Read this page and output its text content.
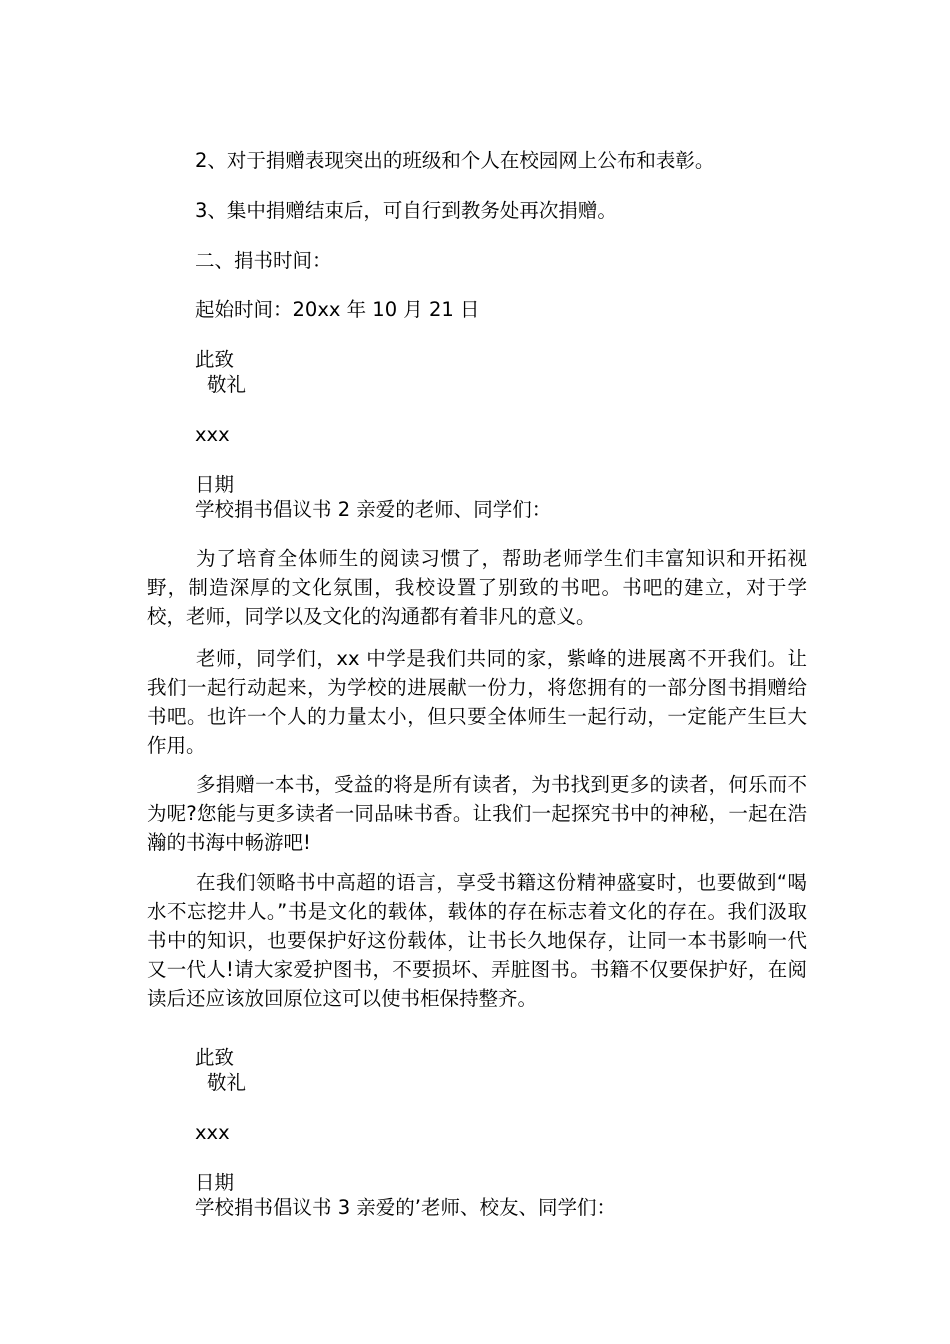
2、对于捐赠表现突出的班级和个人在校园网上公布和表彰。
3、集中捐赠结束后，可自行到教务处再次捐赠。
二、捐书时间：
起始时间：20xx 年 10 月 21 日
此致
敬礼
xxx
日期
学校捐书倡议书 2 亲爱的老师、同学们：
为了培育全体师生的阅读习惯了，帮助老师学生们丰富知识和开拓视野，制造深厚的文化氛围，我校设置了别致的书吧。书吧的建立，对于学校，老师，同学以及文化的沟通都有着非凡的意义。
老师，同学们，xx 中学是我们共同的家，紫峰的进展离不开我们。让我们一起行动起来，为学校的进展献一份力，将您拥有的一部分图书捐赠给书吧。也许一个人的力量太小，但只要全体师生一起行动，一定能产生巨大作用。
多捐赠一本书，受益的将是所有读者，为书找到更多的读者，何乐而不为呢?您能与更多读者一同品味书香。让我们一起探究书中的神秘，一起在浩瀚的书海中畅游吧!
在我们领略书中高超的语言，享受书籍这份精神盛宴时，也要做到“喝水不忘挖井人。”书是文化的载体，载体的存在标志着文化的存在。我们汲取书中的知识，也要保护好这份载体，让书长久地保存，让同一本书影响一代又一代人!请大家爱护图书，不要损坏、弄脏图书。书籍不仅要保护好，在阅读后还应该放回原位这可以使书柜保持整齐。
此致
敬礼
xxx
日期
学校捐书倡议书 3 亲爱的’老师、校友、同学们：
